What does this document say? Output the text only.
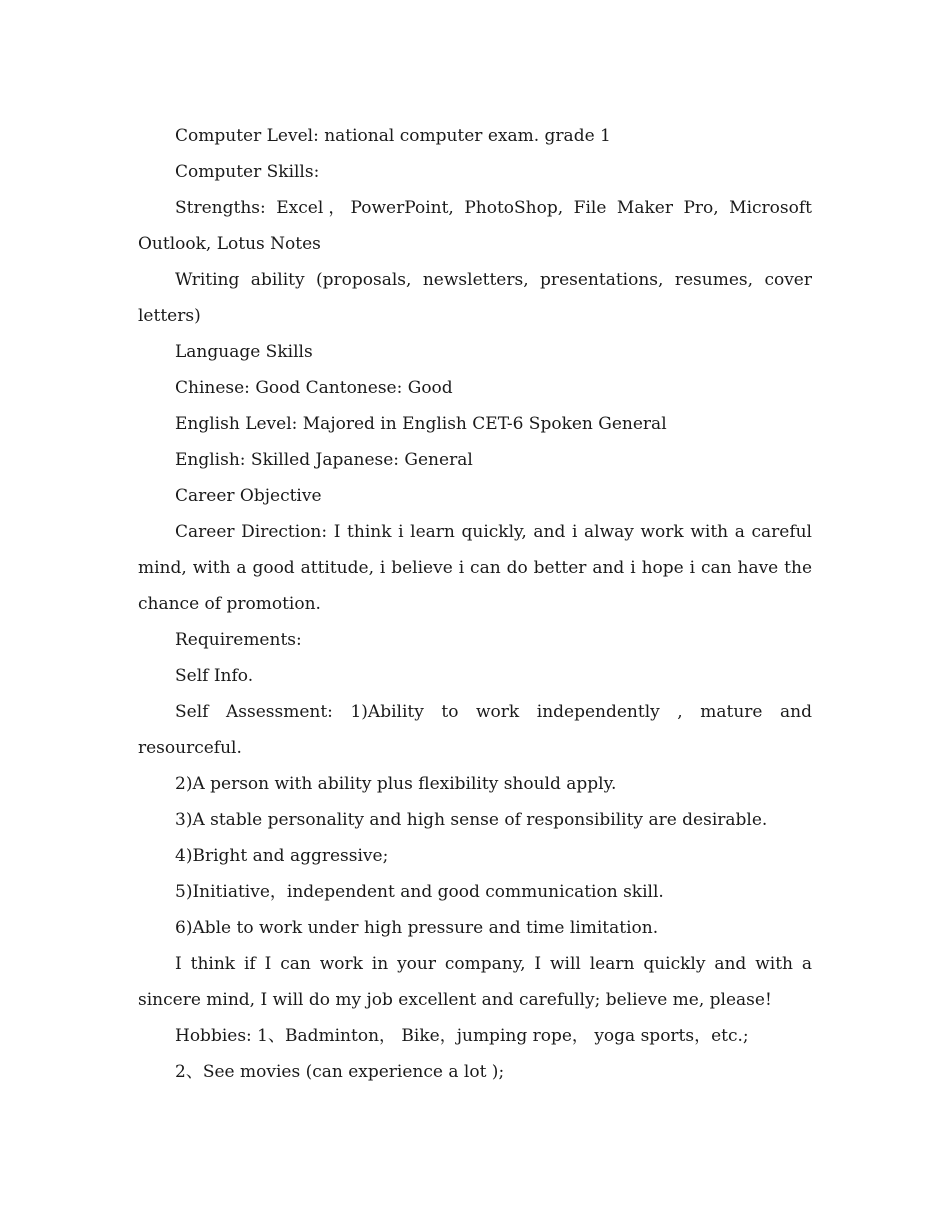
Computer Level: national computer exam. grade 1

Computer Skills:

Strengths: Excel，PowerPoint, PhotoShop, File Maker Pro, Microsoft Outlook, Lotus Notes

Writing ability (proposals, newsletters, presentations, resumes, cover letters)

Language Skills

Chinese: Good Cantonese: Good

English Level: Majored in English CET-6 Spoken General

English: Skilled Japanese: General

Career Objective

Career Direction: I think i learn quickly, and i alway work with a careful mind, with a good attitude, i believe i can do better and i hope i can have the chance of promotion.

Requirements:

Self Info.

Self Assessment: 1)Ability to work independently , mature and resourceful.

2)A person with ability plus flexibility should apply.

3)A stable personality and high sense of responsibility are desirable.

4)Bright and aggressive;

5)Initiative，independent and good communication skill.

6)Able to work under high pressure and time limitation.

I think if I can work in your company, I will learn quickly and with a sincere mind, I will do my job excellent and carefully; believe me, please!

Hobbies: 1、Badminton， Bike，jumping rope， yoga sports，etc.;

2、See movies (can experience a lot );
